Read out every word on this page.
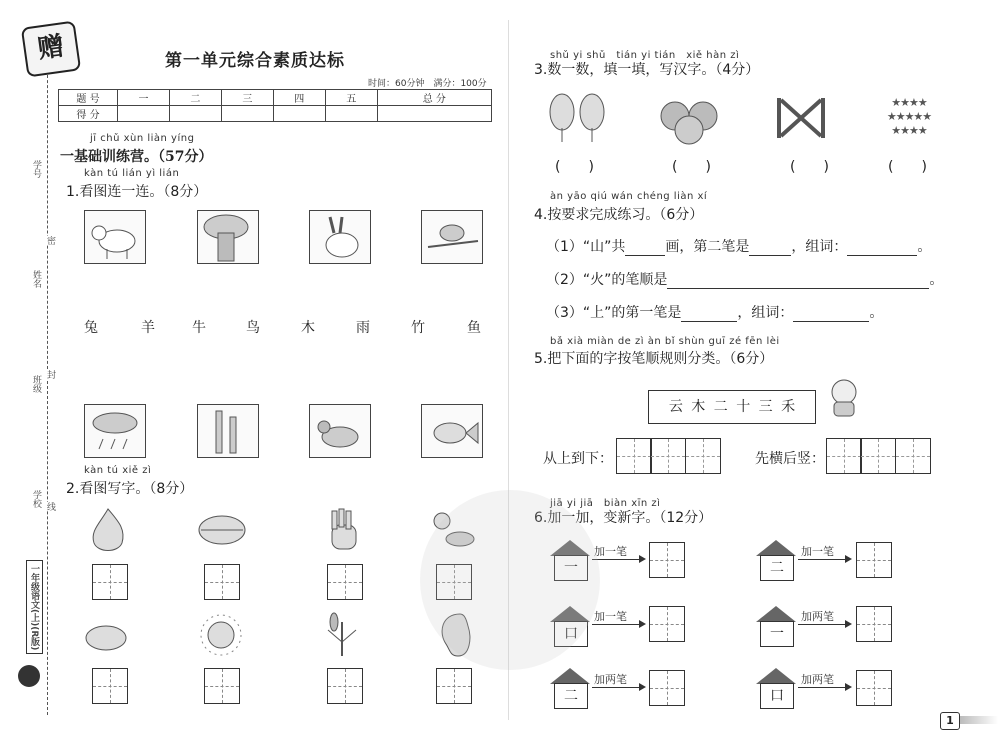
学号
姓名
班级
学校
密
封
线
一年级语文(上)(R版)
赠	第一单元综合素质达标
时间：60分钟　满分：100分
题 号	一	二	三	四	五	总 分
得 分						
jī chǔ xùn liàn yíng
一基础训练营。（57分）
kàn tú lián yì lián
1.看图连一连。（8分）
兔	羊	牛	鸟	木	雨	竹	鱼
kàn tú xiě zì
2.看图写字。（8分）
shǔ yi shǔ　tián yi tián　xiě hàn zì
3.数一数，填一填，写汉字。（4分）
★★★★
★★★★★
★★★★
(　　)	(　　)	(　　)	(　　)
àn yāo qiú wán chéng liàn xí
4.按要求完成练习。（6分）
（1）“山”共	画，第二笔是	，组词：	。
（2）“火”的笔顺是	。
（3）“上”的第一笔是	，组词：	。
bǎ xià miàn de zì àn bǐ shùn guī zé fēn lèi
5.把下面的字按笔顺规则分类。（6分）
云 木 二 十 三 禾
从上到下：	先横后竖：
jiā yi jiā　biàn xīn zì
6.加一加，变新字。（12分）
一
加一笔
二
加一笔
口
加一笔
一
加两笔
二
加两笔
口
加两笔
1
